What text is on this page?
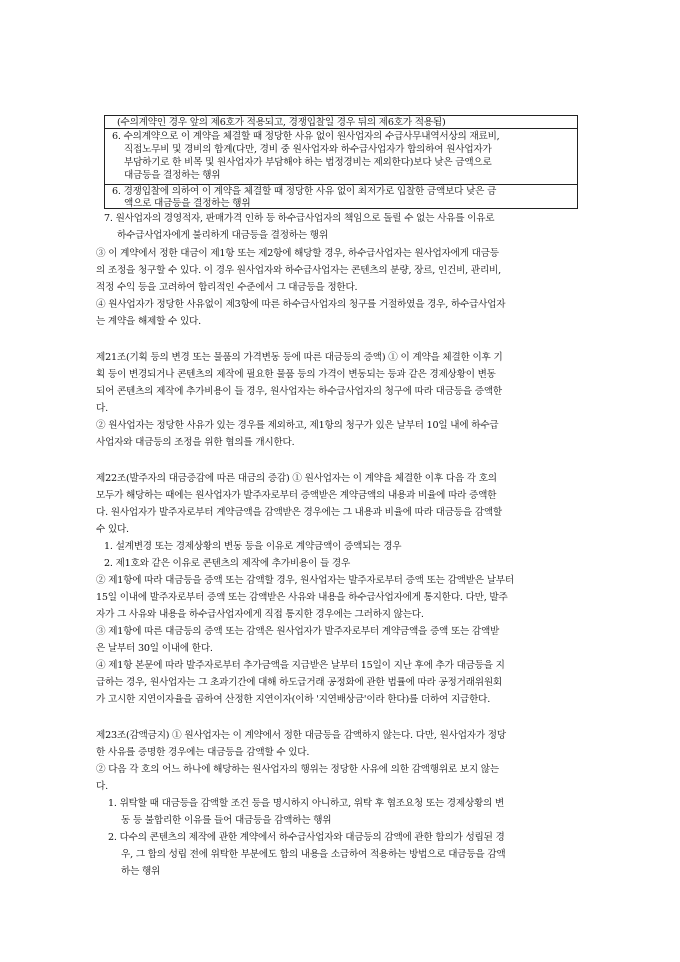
(수의계약인 경우 앞의 제6호가 적용되고, 경쟁입찰일 경우 뒤의 제6호가 적용됨)
6. 수의계약으로 이 계약을 체결할 때 정당한 사유 없이 원사업자의 수급사무내역서상의 재료비,
직접노무비 및 경비의 합계(다만, 경비 중 원사업자와 하수급사업자가 합의하여 원사업자가
부담하기로 한 비목 및 원사업자가 부담해야 하는 법정경비는 제외한다)보다 낮은 금액으로
대금등을 결정하는 행위
6. 경쟁입찰에 의하여 이 계약을 체결할 때 정당한 사유 없이 최저가로 입찰한 금액보다 낮은 금
액으로 대금등을 결정하는 행위
7. 원사업자의 경영적자, 판매가격 인하 등 하수급사업자의 책임으로 돌릴 수 없는 사유를 이유로
하수급사업자에게 불리하게 대금등을 결정하는 행위
③ 이 계약에서 정한 대금이 제1항 또는 제2항에 해당할 경우, 하수급사업자는 원사업자에게 대금등
의 조정을 청구할 수 있다. 이 경우 원사업자와 하수급사업자는 콘텐츠의 분량, 장르, 인건비, 관리비,
적정 수익 등을 고려하여 합리적인 수준에서 그 대금등을 정한다.
④ 원사업자가 정당한 사유없이 제3항에 따른 하수급사업자의 청구를 거절하였을 경우, 하수급사업자
는 계약을 해제할 수 있다.
제21조(기획 등의 변경 또는 물품의 가격변동 등에 따른 대금등의 증액) ① 이 계약을 체결한 이후 기
획 등이 변경되거나 콘텐츠의 제작에 필요한 물품 등의 가격이 변동되는 등과 같은 경제상황이 변동
되어 콘텐츠의 제작에 추가비용이 들 경우, 원사업자는 하수급사업자의 청구에 따라 대금등을 증액한
다.
② 원사업자는 정당한 사유가 있는 경우를 제외하고, 제1항의 청구가 있은 날부터 10일 내에 하수급
사업자와 대금등의 조정을 위한 협의를 개시한다.
제22조(발주자의 대금증감에 따른 대금의 증감) ① 원사업자는 이 계약을 체결한 이후 다음 각 호의
모두가 해당하는 때에는 원사업자가 발주자로부터 증액받은 계약금액의 내용과 비율에 따라 증액한
다. 원사업자가 발주자로부터 계약금액을 감액받은 경우에는 그 내용과 비율에 따라 대금등을 감액할
수 있다.
1. 설계변경 또는 경제상황의 변동 등을 이유로 계약금액이 증액되는 경우
2. 제1호와 같은 이유로 콘텐츠의 제작에 추가비용이 들 경우
② 제1항에 따라 대금등을 증액 또는 감액할 경우, 원사업자는 발주자로부터 증액 또는 감액받은 날부터
15일 이내에 발주자로부터 증액 또는 감액받은 사유와 내용을 하수급사업자에게 통지한다. 다만, 발주
자가 그 사유와 내용을 하수급사업자에게 직접 통지한 경우에는 그러하지 않는다.
③ 제1항에 따른 대금등의 증액 또는 감액은 원사업자가 발주자로부터 계약금액을 증액 또는 감액받
은 날부터 30일 이내에 한다.
④ 제1항 본문에 따라 발주자로부터 추가금액을 지급받은 날부터 15일이 지난 후에 추가 대금등을 지
급하는 경우, 원사업자는 그 초과기간에 대해 하도급거래 공정화에 관한 법률에 따라 공정거래위원회
가 고시한 지연이자율을 곱하여 산정한 지연이자(이하 '지연배상금'이라 한다)를 더하여 지급한다.
제23조(감액금지) ① 원사업자는 이 계약에서 정한 대금등을 감액하지 않는다. 다만, 원사업자가 정당
한 사유를 증명한 경우에는 대금등을 감액할 수 있다.
② 다음 각 호의 어느 하나에 해당하는 원사업자의 행위는 정당한 사유에 의한 감액행위로 보지 않는
다.
1. 위탁할 때 대금등을 감액할 조건 등을 명시하지 아니하고, 위탁 후 협조요청 또는 경제상황의 변
동 등 불합리한 이유를 들어 대금등을 감액하는 행위
2. 다수의 콘텐츠의 제작에 관한 계약에서 하수급사업자와 대금등의 감액에 관한 합의가 성립된 경
우, 그 합의 성립 전에 위탁한 부분에도 합의 내용을 소급하여 적용하는 방법으로 대금등을 감액
하는 행위
